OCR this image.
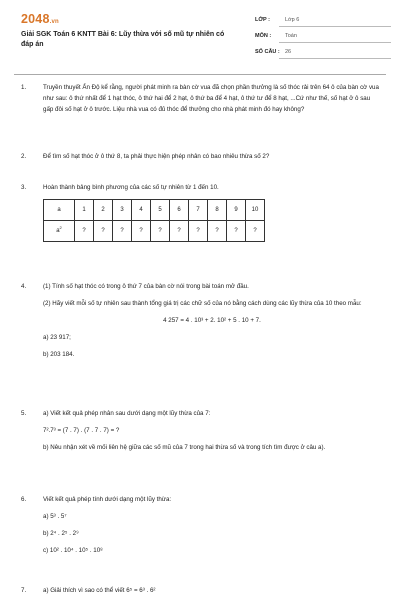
2048.vn
Giải SGK Toán 6 KNTT Bài 6: Lũy thừa với số mũ tự nhiên có đáp án
LỚP :	Lớp 6
MÔN :	Toán
SỐ CÂU : 26
1.	Truyền thuyết Ấn Độ kể rằng, người phát minh ra bàn cờ vua đã chọn phần thưởng là số thóc rải trên 64 ô của bàn cờ vua như sau: ô thứ nhất để 1 hạt thóc, ô thứ hai để 2 hạt, ô thứ ba để 4 hạt, ô thứ tư để 8 hạt, ...Cứ như thế, số hạt ở ô sau gấp đôi số hạt ở ô trước. Liệu nhà vua có đủ thóc để thưởng cho nhà phát minh đó hay không?
2.	Để tìm số hạt thóc ở ô thứ 8, ta phải thực hiện phép nhân có bao nhiêu thừa số 2?
3.	Hoàn thành bảng bình phương của các số tự nhiên từ 1 đến 10.
a	1	2	3	4	5	6	7	8	9	10
$a^2$	?	?	?	?	?	?	?	?	?	?
4.	(1) Tính số hạt thóc có trong ô thứ 7 của bàn cờ nói trong bài toán mở đầu.
(2) Hãy viết mỗi số tự nhiên sau thành tổng giá trị các chữ số của nó bằng cách dùng các lũy thừa của 10 theo mẫu:
4 257 = 4 . 10³ + 2. 10² + 5 . 10 + 7.
a) 23 917;
b) 203 184.
5.	a) Viết kết quả phép nhân sau dưới dạng một lũy thừa của 7:
7².7³ = (7 . 7) . (7 . 7 . 7) = ?
b) Nêu nhận xét về mối liên hệ giữa các số mũ của 7 trong hai thừa số và trong tích tìm được ở câu a).
6.	Viết kết quả phép tính dưới dạng một lũy thừa:
a) 5³ . 5⁷
b) 2⁴ . 2⁵ . 2⁹
c) 10² . 10⁴ . 10⁵ . 10⁸
7.	a) Giải thích vì sao có thể viết 6⁵ = 6³ . 6²
